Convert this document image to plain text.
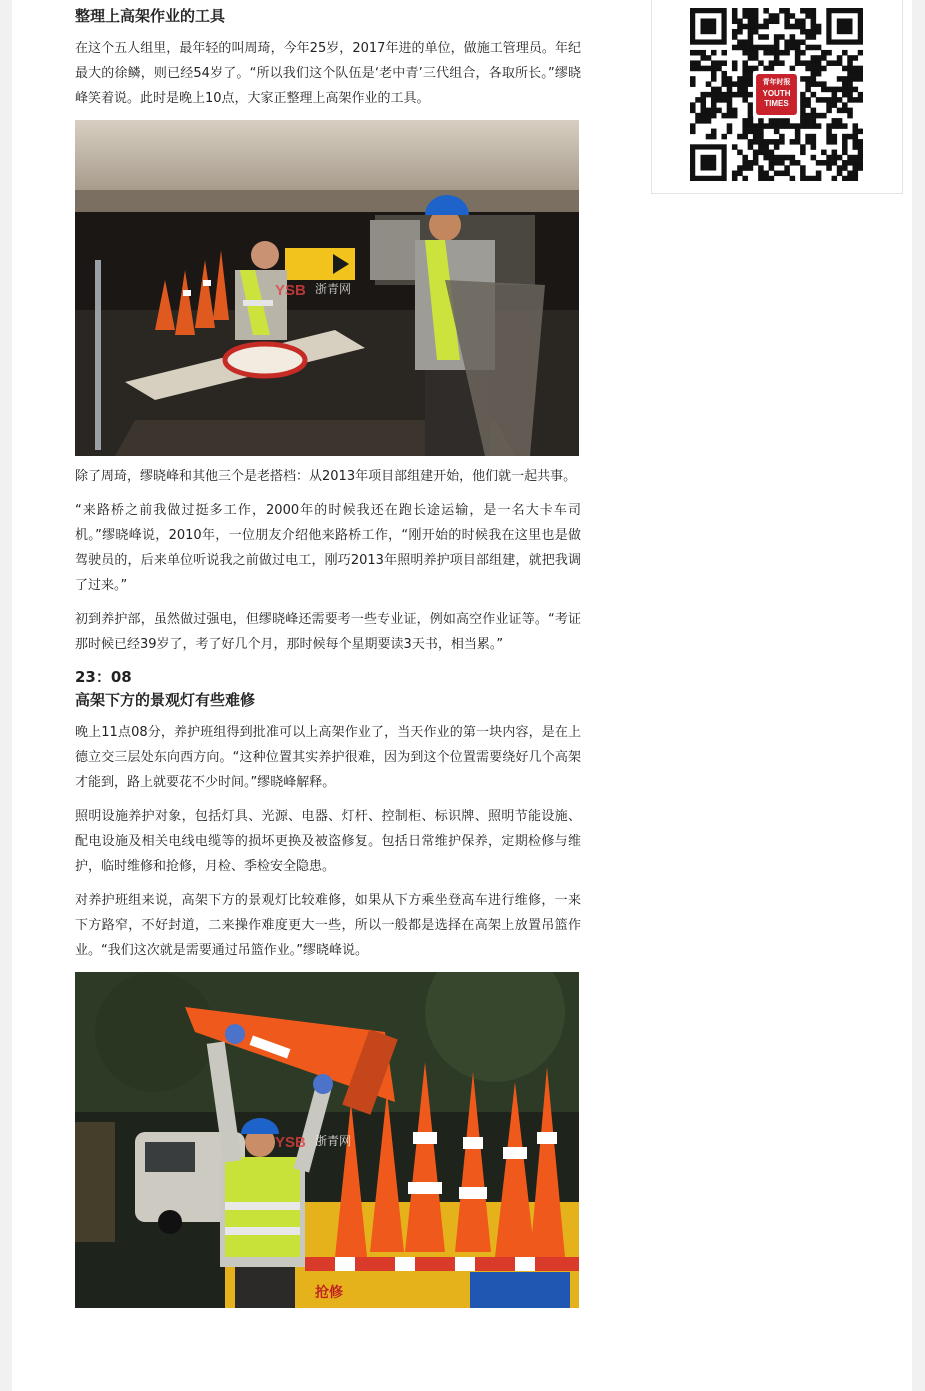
整理上高架作业的工具

在这个五人组里，最年轻的叫周琦，今年25岁，2017年进的单位，做施工管理员。年纪最大的徐鳞，则已经54岁了。“所以我们这个队伍是‘老中青’三代组合，各取所长。”缪晓峰笑着说。此时是晚上10点，大家正整理上高架作业的工具。

YSB 浙青网

除了周琦，缪晓峰和其他三个是老搭档：从2013年项目部组建开始，他们就一起共事。

“来路桥之前我做过挺多工作，2000年的时候我还在跑长途运输，是一名大卡车司机。”缪晓峰说，2010年，一位朋友介绍他来路桥工作，“刚开始的时候我在这里也是做驾驶员的，后来单位听说我之前做过电工，刚巧2013年照明养护项目部组建，就把我调了过来。”

初到养护部，虽然做过强电，但缪晓峰还需要考一些专业证，例如高空作业证等。“考证那时候已经39岁了，考了好几个月，那时候每个星期要读3天书，相当累。”

23：08
高架下方的景观灯有些难修

晚上11点08分，养护班组得到批准可以上高架作业了，当天作业的第一块内容，是在上德立交三层处东向西方向。“这种位置其实养护很难，因为到这个位置需要绕好几个高架才能到，路上就要花不少时间。”缪晓峰解释。

照明设施养护对象，包括灯具、光源、电器、灯杆、控制柜、标识牌、照明节能设施、配电设施及相关电线电缆等的损坏更换及被盗修复。包括日常维护保养，定期检修与维护，临时维修和抢修，月检、季检安全隐患。

对养护班组来说，高架下方的景观灯比较难修，如果从下方乘坐登高车进行维修，一来下方路窄，不好封道，二来操作难度更大一些，所以一般都是选择在高架上放置吊篮作业。“我们这次就是需要通过吊篮作业。”缪晓峰说。

抢修
YSB 浙青网
青年时报
YOUTH
TIMES
